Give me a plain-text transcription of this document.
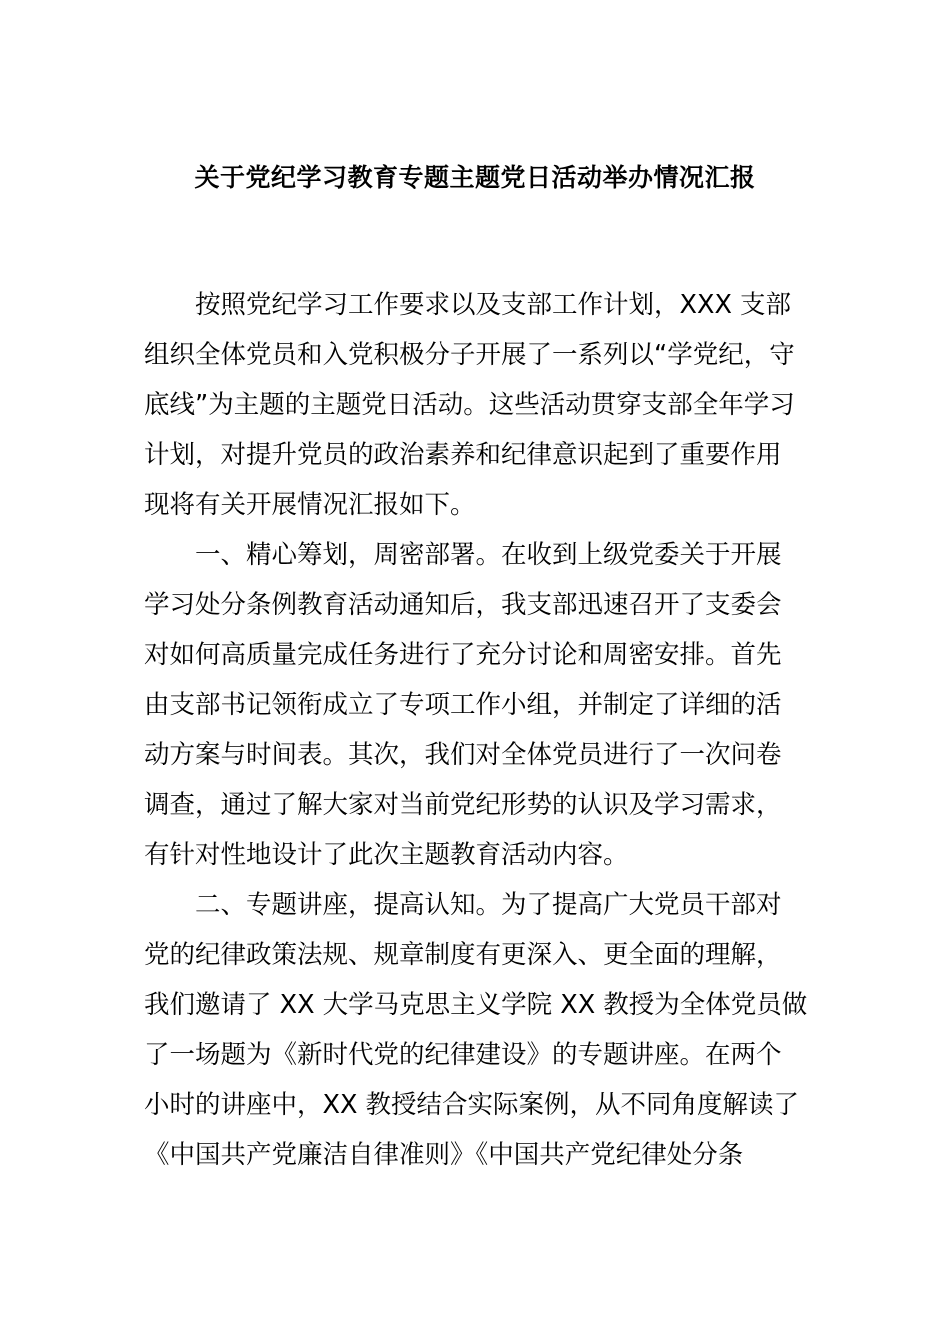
关于党纪学习教育专题主题党日活动举办情况汇报
按照党纪学习工作要求以及支部工作计划，XXX 支部
组织全体党员和入党积极分子开展了一系列以“学党纪，守
底线”为主题的主题党日活动。这些活动贯穿支部全年学习
计划，对提升党员的政治素养和纪律意识起到了重要作用
现将有关开展情况汇报如下。
一、精心筹划，周密部署。在收到上级党委关于开展
学习处分条例教育活动通知后，我支部迅速召开了支委会
对如何高质量完成任务进行了充分讨论和周密安排。首先
由支部书记领衔成立了专项工作小组，并制定了详细的活
动方案与时间表。其次，我们对全体党员进行了一次问卷
调查，通过了解大家对当前党纪形势的认识及学习需求，
有针对性地设计了此次主题教育活动内容。
二、专题讲座，提高认知。为了提高广大党员干部对
党的纪律政策法规、规章制度有更深入、更全面的理解，
我们邀请了 XX 大学马克思主义学院 XX 教授为全体党员做
了一场题为《新时代党的纪律建设》的专题讲座。在两个
小时的讲座中，XX 教授结合实际案例，从不同角度解读了
《中国共产党廉洁自律准则》《中国共产党纪律处分条
